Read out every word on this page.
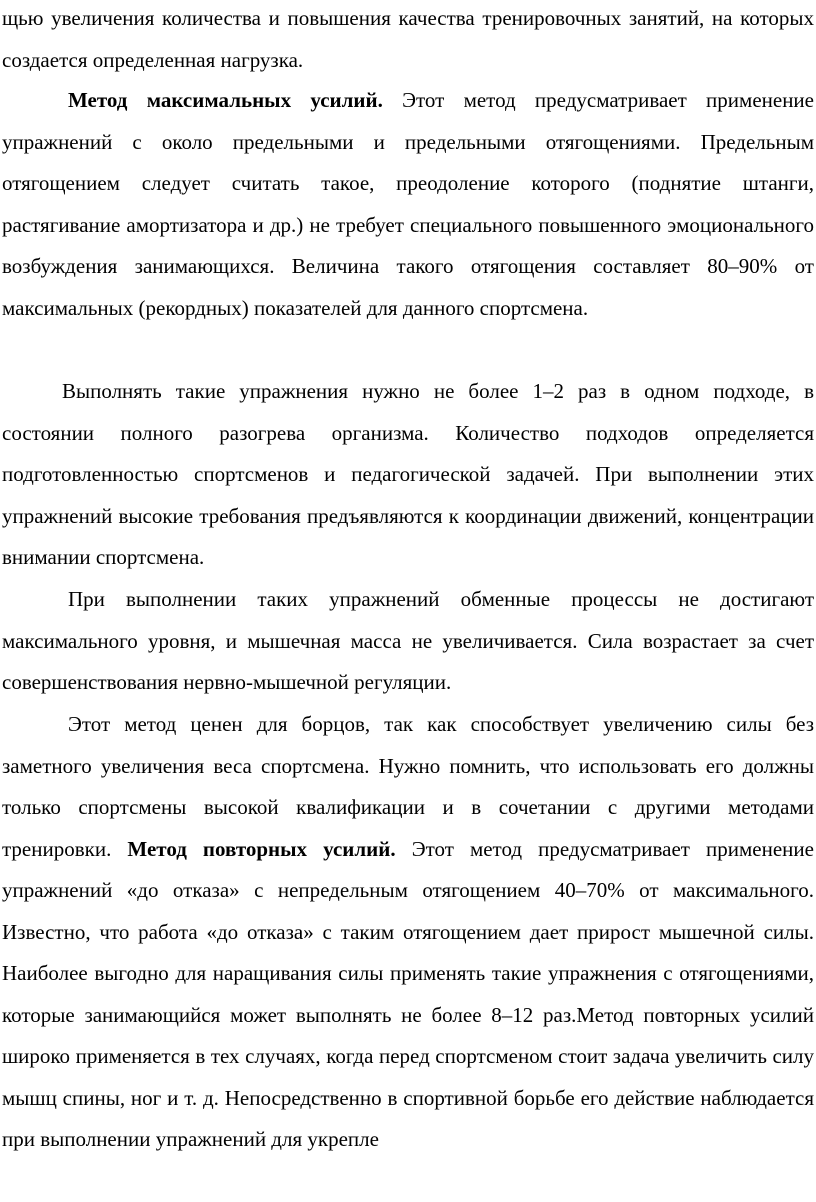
щью увеличения количества и повышения качества тренировочных занятий, на которых создается определенная нагрузка.

Метод максимальных усилий. Этот метод предусматривает применение упражнений с около предельными и предельными отягощениями. Предельным отягощением следует считать такое, преодоление которого (поднятие штанги, растягивание амортизатора и др.) не требует специального повышенного эмоционального возбуждения занимающихся. Величина такого отягощения составляет 80–90% от максимальных (рекордных) показателей для данного спортсмена.

Выполнять такие упражнения нужно не более 1–2 раз в одном подходе, в состоянии полного разогрева организма. Количество подходов определяется подготовленностью спортсменов и педагогической задачей. При выполнении этих упражнений высокие требования предъявляются к координации движений, концентрации внимании спортсмена.

При выполнении таких упражнений обменные процессы не достигают максимального уровня, и мышечная масса не увеличивается. Сила возрастает за счет совершенствования нервно-мышечной регуляции.

Этот метод ценен для борцов, так как способствует увеличению силы без заметного увеличения веса спортсмена. Нужно помнить, что использовать его должны только спортсмены высокой квалификации и в сочетании с другими методами тренировки. Метод повторных усилий. Этот метод предусматривает применение упражнений «до отказа» с непредельным отягощением 40–70% от максимального. Известно, что работа «до отказа» с таким отягощением дает прирост мышечной силы. Наиболее выгодно для наращивания силы применять такие упражнения с отягощениями, которые занимающийся может выполнять не более 8–12 раз.Метод повторных усилий широко применяется в тех случаях, когда перед спортсменом стоит задача увеличить силу мышц спины, ног и т. д. Непосредственно в спортивной борьбе его действие наблюдается при выполнении упражнений для укрепле
